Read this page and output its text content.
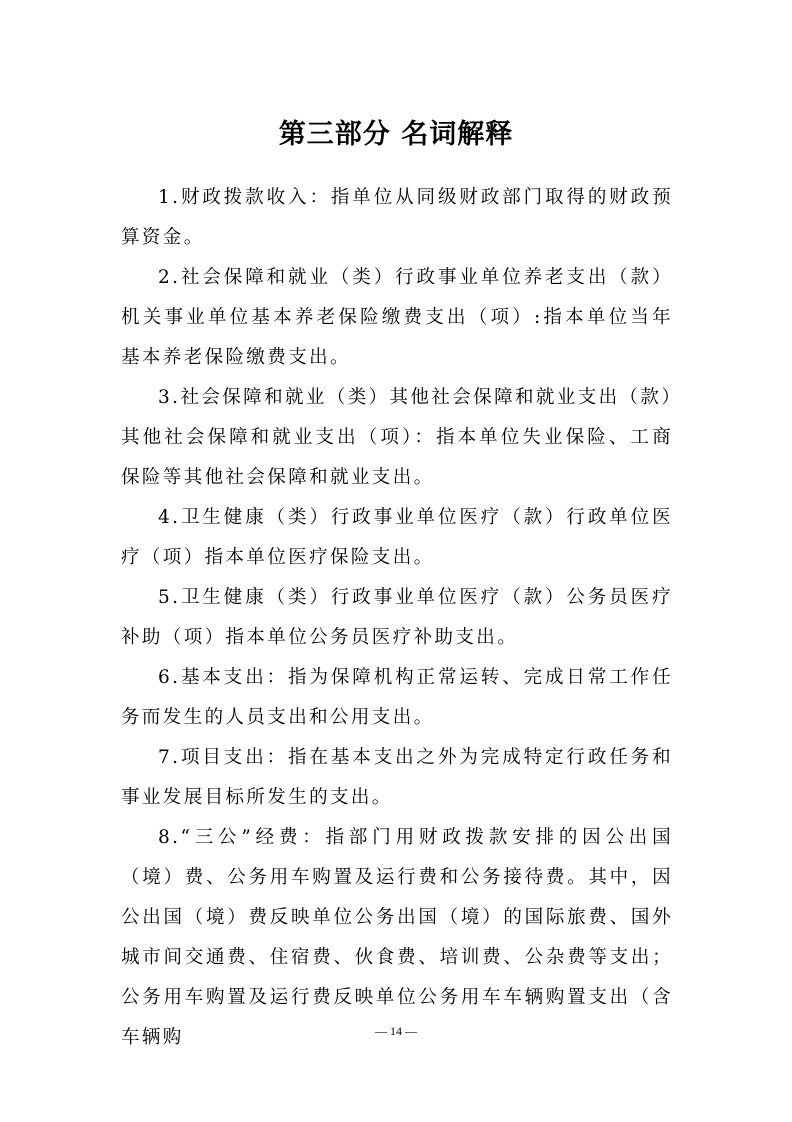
第三部分 名词解释

1.财政拨款收入：指单位从同级财政部门取得的财政预算资金。

2.社会保障和就业（类）行政事业单位养老支出（款）机关事业单位基本养老保险缴费支出（项）:指本单位当年基本养老保险缴费支出。

3.社会保障和就业（类）其他社会保障和就业支出（款）其他社会保障和就业支出（项）：指本单位失业保险、工商保险等其他社会保障和就业支出。

4.卫生健康（类）行政事业单位医疗（款）行政单位医疗（项）指本单位医疗保险支出。

5.卫生健康（类）行政事业单位医疗（款）公务员医疗补助（项）指本单位公务员医疗补助支出。

6.基本支出：指为保障机构正常运转、完成日常工作任务而发生的人员支出和公用支出。

7.项目支出：指在基本支出之外为完成特定行政任务和事业发展目标所发生的支出。

8.“三公”经费：指部门用财政拨款安排的因公出国（境）费、公务用车购置及运行费和公务接待费。其中，因公出国（境）费反映单位公务出国（境）的国际旅费、国外城市间交通费、住宿费、伙食费、培训费、公杂费等支出；公务用车购置及运行费反映单位公务用车车辆购置支出（含车辆购	— 14 —
